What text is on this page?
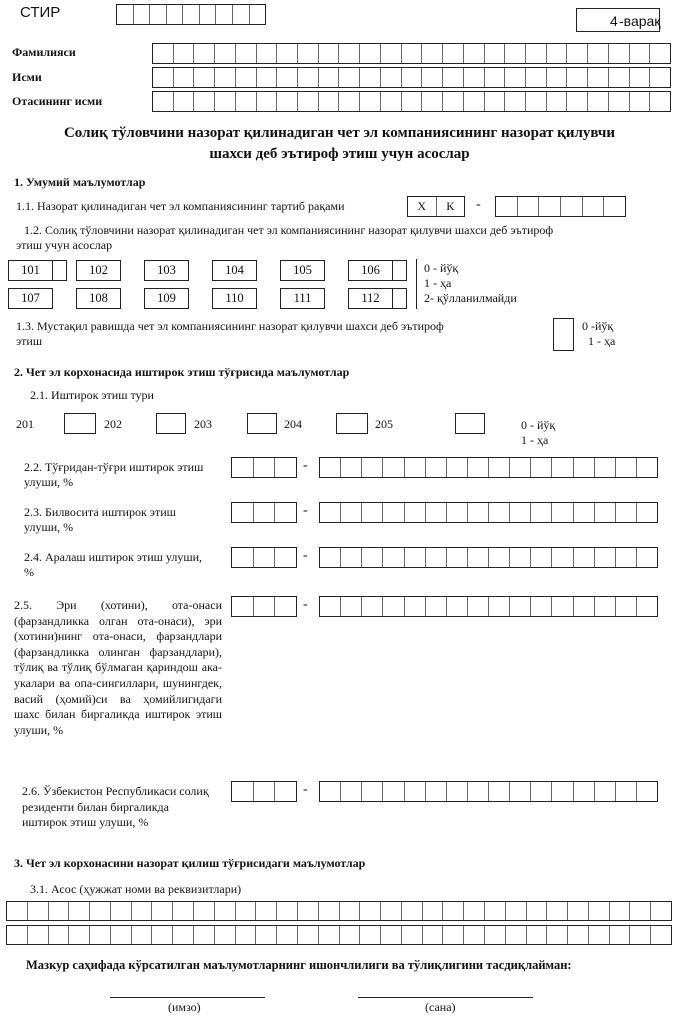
СТИР	4 -варақ
Фамилияси
Исми
Отасининг исми
Солиқ тўловчини назорат қилинадиган чет эл компаниясининг назорат қилувчи
шахси деб эътироф этиш учун асослар
1. Умумий маълумотлар
1.1. Назорат қилинадиган чет эл компаниясининг тартиб рақами	Х	К	-
1.2. Солиқ тўловчини назорат қилинадиган чет эл компаниясининг назорат қилувчи шахси деб эътироф
этиш учун асослар
101	102	103	104	105	106
107	108	109	110	111	112
0 - йўқ
1 - ҳа
2- қўлланилмайди
1.3. Мустақил равишда чет эл компаниясининг назорат қилувчи шахси деб эътироф
этиш
0 -йўқ
1 - ҳа
2. Чет эл корхонасида иштирок этиш тўғрисида маълумотлар
2.1. Иштирок этиш тури
201	202	203	204	205	0 - йўқ
1 - ҳа
2.2. Тўғридан-тўғри иштирок этиш улуши, %
-
2.3. Билвосита иштирок этиш улуши, %
-
2.4. Аралаш иштирок этиш улуши, %
-
2.5. Эри (хотини), ота-онаси (фарзандликка олган ота-онаси), эри (хотини)нинг ота-онаси, фарзандлари (фарзандликка олинган фарзандлари), тўлиқ ва тўлиқ бўлмаган қариндош ака-укалари ва опа-сингиллари, шунингдек, васий (ҳомий)си ва ҳомийлигидаги шахс билан биргаликда иштирок этиш улуши, %
-
2.6. Ўзбекистон Республикаси солиқ резиденти билан биргаликда иштирок этиш улуши, %
-
3. Чет эл корхонасини назорат қилиш тўғрисидаги маълумотлар
3.1. Асос (ҳужжат номи ва реквизитлари)
Мазкур саҳифада кўрсатилган маълумотларнинг ишончлилиги ва тўлиқлигини тасдиқлайман:
(имзо)	(сана)
